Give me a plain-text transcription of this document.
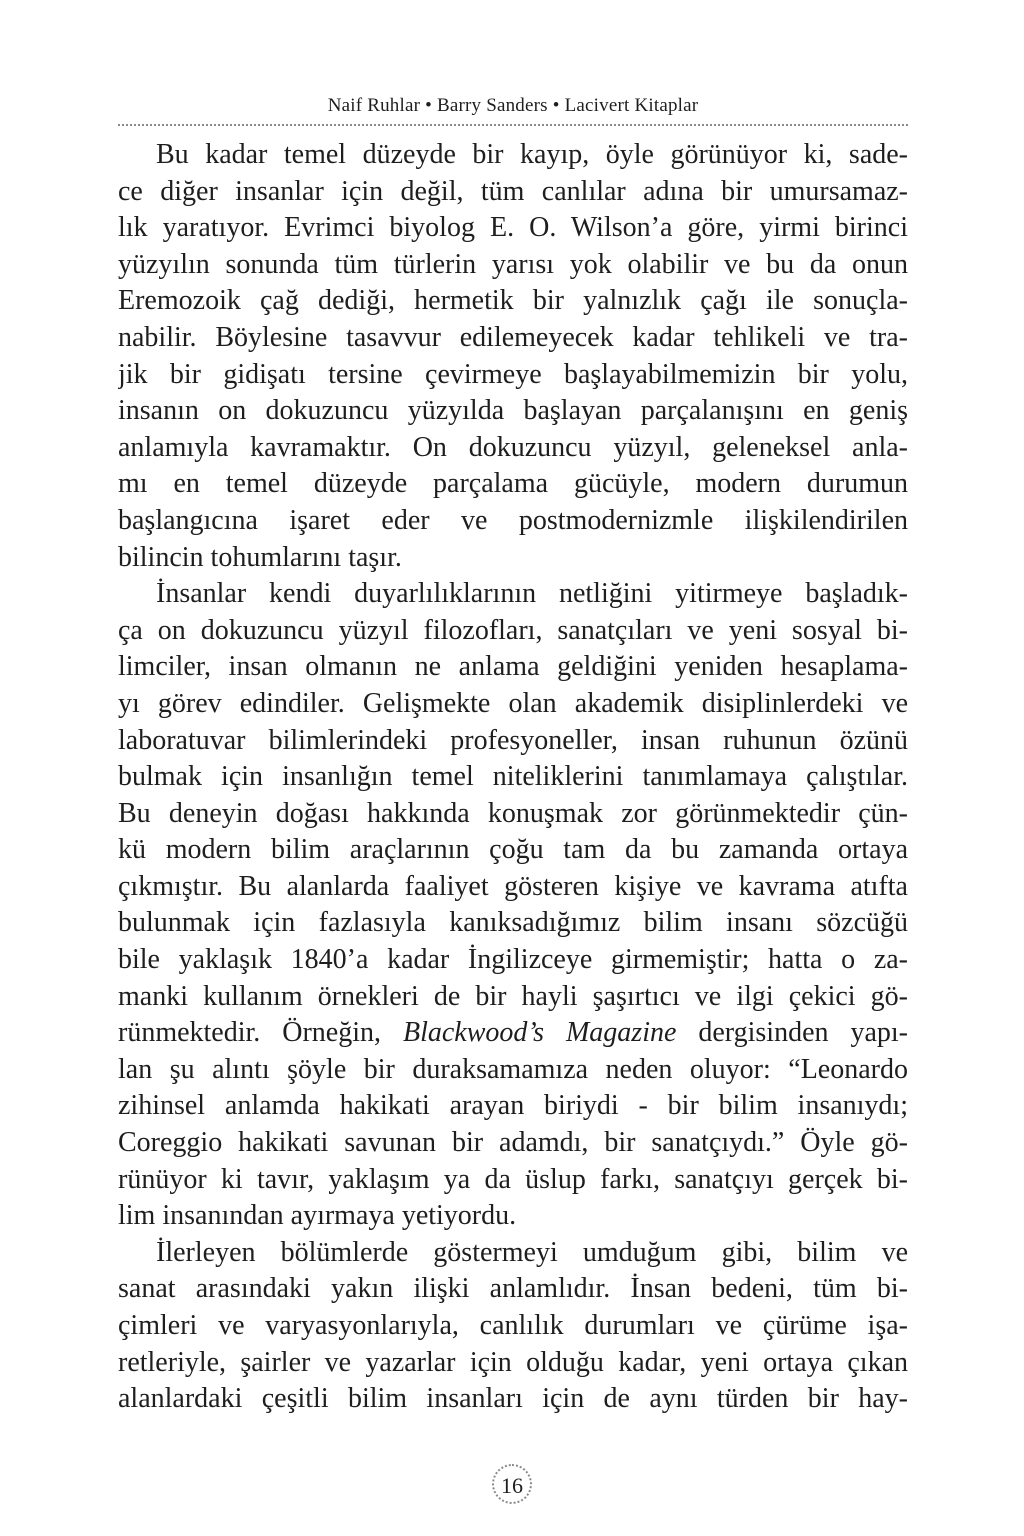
Naif Ruhlar • Barry Sanders • Lacivert Kitaplar
Bu kadar temel düzeyde bir kayıp, öyle görünüyor ki, sade-
ce diğer insanlar için değil, tüm canlılar adına bir umursamaz-
lık yaratıyor. Evrimci biyolog E. O. Wilson’a göre, yirmi birinci
yüzyılın sonunda tüm türlerin yarısı yok olabilir ve bu da onun
Eremozoik çağ dediği, hermetik bir yalnızlık çağı ile sonuçla-
nabilir. Böylesine tasavvur edilemeyecek kadar tehlikeli ve tra-
jik bir gidişatı tersine çevirmeye başlayabilmemizin bir yolu,
insanın on dokuzuncu yüzyılda başlayan parçalanışını en geniş
anlamıyla kavramaktır. On dokuzuncu yüzyıl, geleneksel anla-
mı en temel düzeyde parçalama gücüyle, modern durumun
başlangıcına işaret eder ve postmodernizmle ilişkilendirilen
bilincin tohumlarını taşır.
İnsanlar kendi duyarlılıklarının netliğini yitirmeye başladık-
ça on dokuzuncu yüzyıl filozofları, sanatçıları ve yeni sosyal bi-
limciler, insan olmanın ne anlama geldiğini yeniden hesaplama-
yı görev edindiler. Gelişmekte olan akademik disiplinlerdeki ve
laboratuvar bilimlerindeki profesyoneller, insan ruhunun özünü
bulmak için insanlığın temel niteliklerini tanımlamaya çalıştılar.
Bu deneyin doğası hakkında konuşmak zor görünmektedir çün-
kü modern bilim araçlarının çoğu tam da bu zamanda ortaya
çıkmıştır. Bu alanlarda faaliyet gösteren kişiye ve kavrama atıfta
bulunmak için fazlasıyla kanıksadığımız bilim insanı sözcüğü
bile yaklaşık 1840’a kadar İngilizceye girmemiştir; hatta o za-
manki kullanım örnekleri de bir hayli şaşırtıcı ve ilgi çekici gö-
rünmektedir. Örneğin, Blackwood’s Magazine dergisinden yapı-
lan şu alıntı şöyle bir duraksamamıza neden oluyor: “Leonardo
zihinsel anlamda hakikati arayan biriydi - bir bilim insanıydı;
Coreggio hakikati savunan bir adamdı, bir sanatçıydı.” Öyle gö-
rünüyor ki tavır, yaklaşım ya da üslup farkı, sanatçıyı gerçek bi-
lim insanından ayırmaya yetiyordu.
İlerleyen bölümlerde göstermeyi umduğum gibi, bilim ve
sanat arasındaki yakın ilişki anlamlıdır. İnsan bedeni, tüm bi-
çimleri ve varyasyonlarıyla, canlılık durumları ve çürüme işa-
retleriyle, şairler ve yazarlar için olduğu kadar, yeni ortaya çıkan
alanlardaki çeşitli bilim insanları için de aynı türden bir hay-
16
